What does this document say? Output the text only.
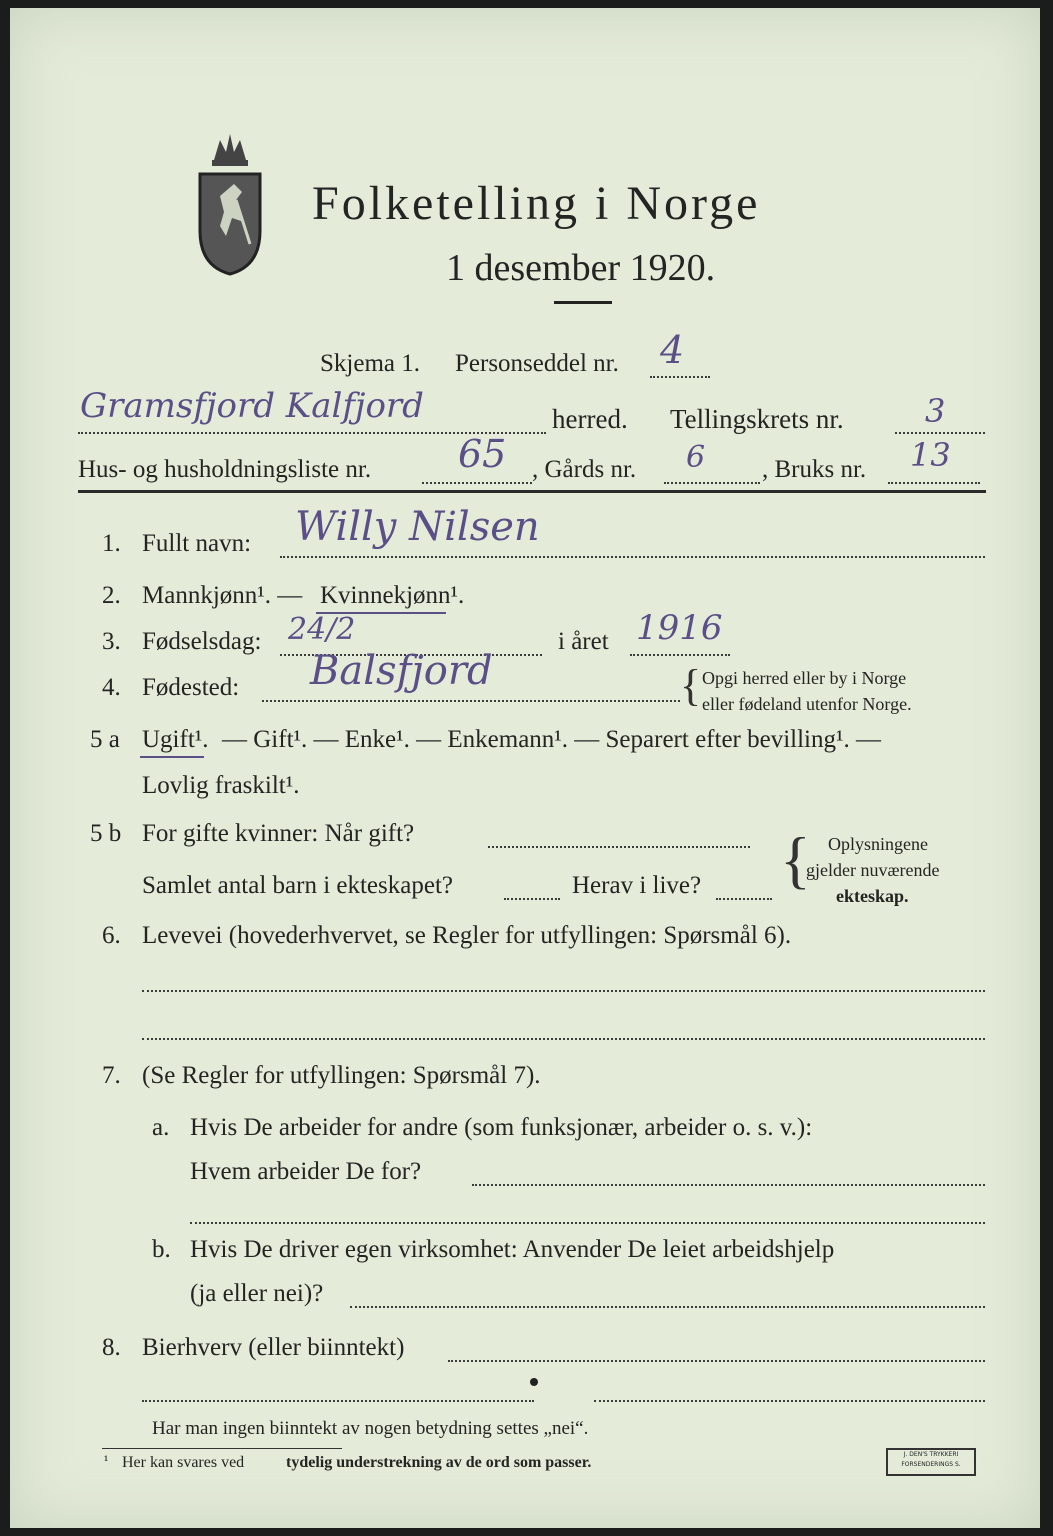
Folketelling i Norge
1 desember 1920.
Skjema 1. Personseddel nr. 4
Gramsfjord Kalfjord	herred. Tellingskrets nr.	3
Hus- og husholdningsliste nr. 65 , Gårds nr. 6 , Bruks nr. 13
1. Fullt navn: Willy Nilsen
2. Mannkjønn¹. — Kvinnekjønn¹.
3. Fødselsdag: 24/2	i året 1916
4. Fødested: Balsfjord	{ Opgi herred eller by i Norge
eller fødeland utenfor Norge.
5 a Ugift¹. — Gift¹. — Enke¹. — Enkemann¹. — Separert efter bevilling¹. —
Lovlig fraskilt¹.
5 b For gifte kvinner: Når gift?
Samlet antal barn i ekteskapet?	Herav i live? { Oplysningene
gjelder nuværende
ekteskap.
6. Levevei (hovederhvervet, se Regler for utfyllingen: Spørsmål 6).
7. (Se Regler for utfyllingen: Spørsmål 7).
a. Hvis De arbeider for andre (som funksjonær, arbeider o. s. v.):
Hvem arbeider De for?
b. Hvis De driver egen virksomhet: Anvender De leiet arbeidshjelp
(ja eller nei)?
8. Bierhverv (eller biinntekt)
Har man ingen biinntekt av nogen betydning settes „nei“.
¹ Her kan svares ved	tydelig understrekning av de ord som passer.	J. DEN'S TRYKKERI
FORSENDERINGS S.
